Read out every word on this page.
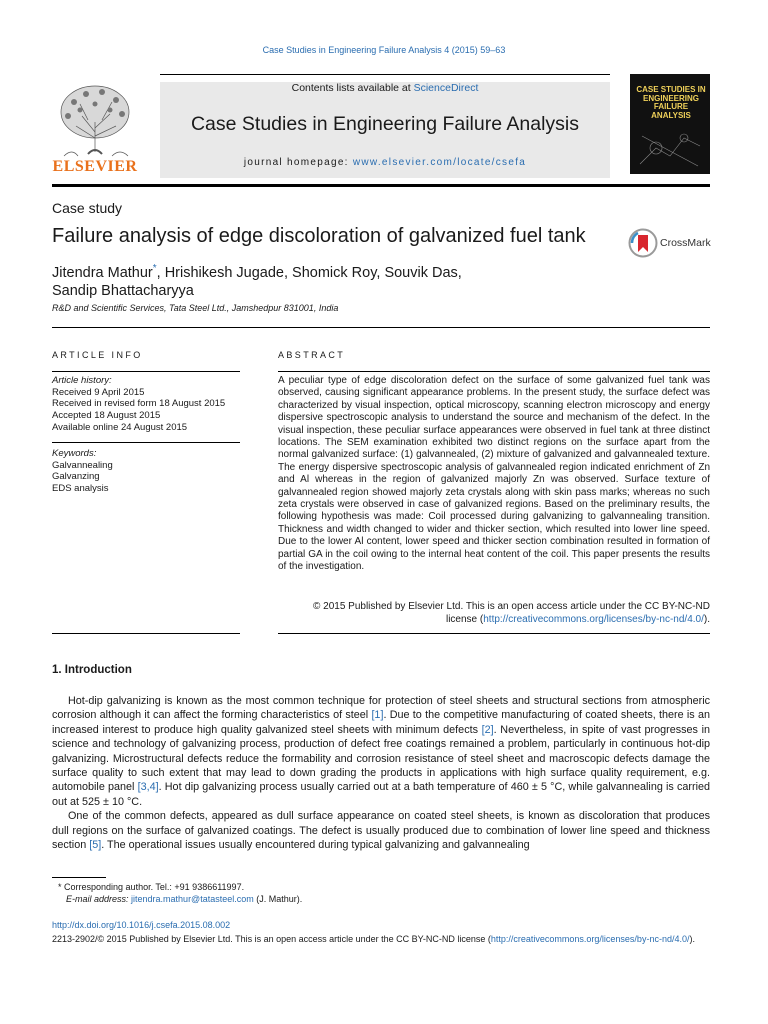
Case Studies in Engineering Failure Analysis 4 (2015) 59–63
Contents lists available at ScienceDirect
Case Studies in Engineering Failure Analysis
journal homepage: www.elsevier.com/locate/csefa
ELSEVIER
CASE STUDIES IN ENGINEERING FAILURE ANALYSIS
Case study
Failure analysis of edge discoloration of galvanized fuel tank	CrossMark
Jitendra Mathur*, Hrishikesh Jugade, Shomick Roy, Souvik Das,
Sandip Bhattacharyya
R&D and Scientific Services, Tata Steel Ltd., Jamshedpur 831001, India
ARTICLE INFO
Article history:
Received 9 April 2015
Received in revised form 18 August 2015
Accepted 18 August 2015
Available online 24 August 2015
Keywords:
Galvannealing
Galvanzing
EDS analysis
ABSTRACT
A peculiar type of edge discoloration defect on the surface of some galvanized fuel tank was observed, causing significant appearance problems. In the present study, the surface defect was characterized by visual inspection, optical microscopy, scanning electron microscopy and energy dispersive spectroscopic analysis to understand the source and mechanism of the defect. In the visual inspection, these peculiar surface appearances were observed in fuel tank at three distinct locations. The SEM examination exhibited two distinct regions on the surface apart from the normal galvanized surface: (1) galvannealed, (2) mixture of galvanized and galvannealed texture. The energy dispersive spectroscopic analysis of galvannealed region indicated enrichment of Zn and Al whereas in the region of galvanized majorly Zn was observed. Surface texture of galvannealed region showed majorly zeta crystals along with skin pass marks; whereas no such zeta crystals were observed in case of galvanized regions. Based on the preliminary results, the following hypothesis was made: Coil processed during galvanizing to galvannealing transition. Thickness and width changed to wider and thicker section, which resulted into lower line speed. Due to the lower Al content, lower speed and thicker section combination resulted in formation of partial GA in the coil owing to the internal heat content of the coil. This paper presents the results of the investigation.
© 2015 Published by Elsevier Ltd. This is an open access article under the CC BY-NC-ND
license (http://creativecommons.org/licenses/by-nc-nd/4.0/).
1. Introduction

Hot-dip galvanizing is known as the most common technique for protection of steel sheets and structural sections from atmospheric corrosion although it can affect the forming characteristics of steel [1]. Due to the competitive manufacturing of coated sheets, there is an increased interest to produce high quality galvanized steel sheets with minimum defects [2]. Nevertheless, in spite of vast progresses in science and technology of galvanizing process, production of defect free coatings remained a problem, particularly in continuous hot-dip galvanizing. Microstructural defects reduce the formability and corrosion resistance of steel sheet and macroscopic defects damage the surface quality to such extent that may lead to down grading the products in applications with high surface quality requirement, e.g. automobile panel [3,4]. Hot dip galvanizing process usually carried out at a bath temperature of 460 ± 5 °C, while galvannealing is carried out at 525 ± 10 °C.

One of the common defects, appeared as dull surface appearance on coated steel sheets, is known as discoloration that produces dull regions on the surface of galvanized coatings. The defect is usually produced due to combination of lower line speed and thickness section [5]. The operational issues usually encountered during typical galvanizing and galvannealing

* Corresponding author. Tel.: +91 9386611997.
E-mail address: jitendra.mathur@tatasteel.com (J. Mathur).
http://dx.doi.org/10.1016/j.csefa.2015.08.002
2213-2902/© 2015 Published by Elsevier Ltd. This is an open access article under the CC BY-NC-ND license (http://creativecommons.org/licenses/by-nc-nd/4.0/).
